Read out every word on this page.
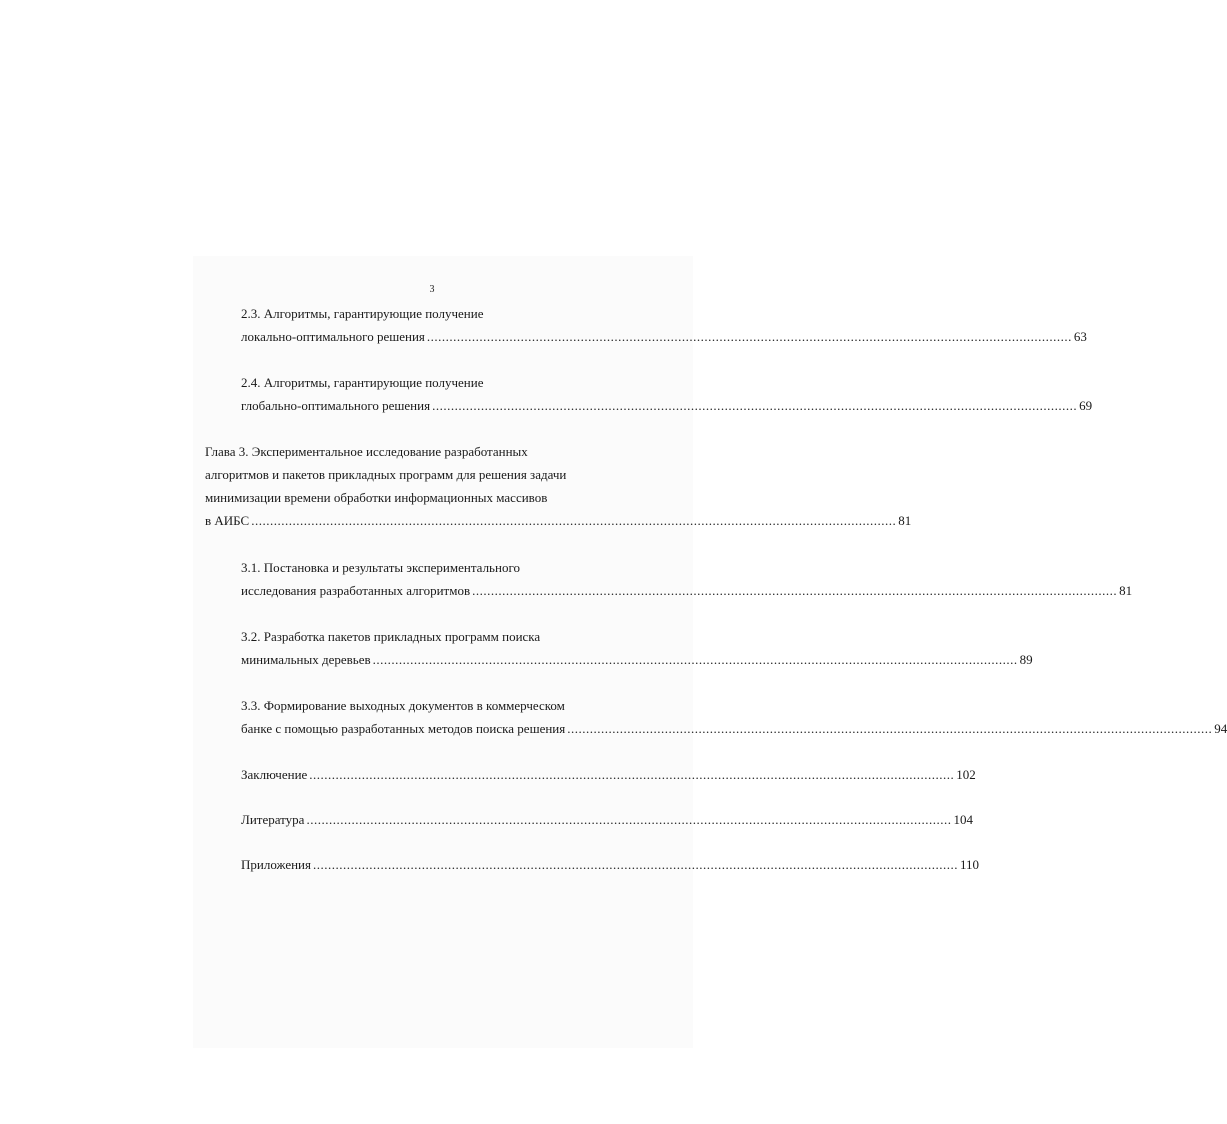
3
2.3. Алгоритмы, гарантирующие получение
локально-оптимального решения ............................................................................................................................................................................ 63
2.4. Алгоритмы, гарантирующие получение
глобально-оптимального решения ............................................................................................................................................................................ 69
Глава 3. Экспериментальное исследование разработанных
алгоритмов и пакетов прикладных программ для решения задачи
минимизации времени обработки информационных массивов
в АИБС ............................................................................................................................................................................ 81
3.1. Постановка и результаты экспериментального
исследования разработанных алгоритмов ............................................................................................................................................................................ 81
3.2. Разработка пакетов прикладных программ поиска
минимальных деревьев ............................................................................................................................................................................ 89
3.3. Формирование выходных документов в коммерческом
банке с помощью разработанных методов поиска решения ............................................................................................................................................................................ 94
Заключение ............................................................................................................................................................................ 102
Литература ............................................................................................................................................................................ 104
Приложения ............................................................................................................................................................................ 110
